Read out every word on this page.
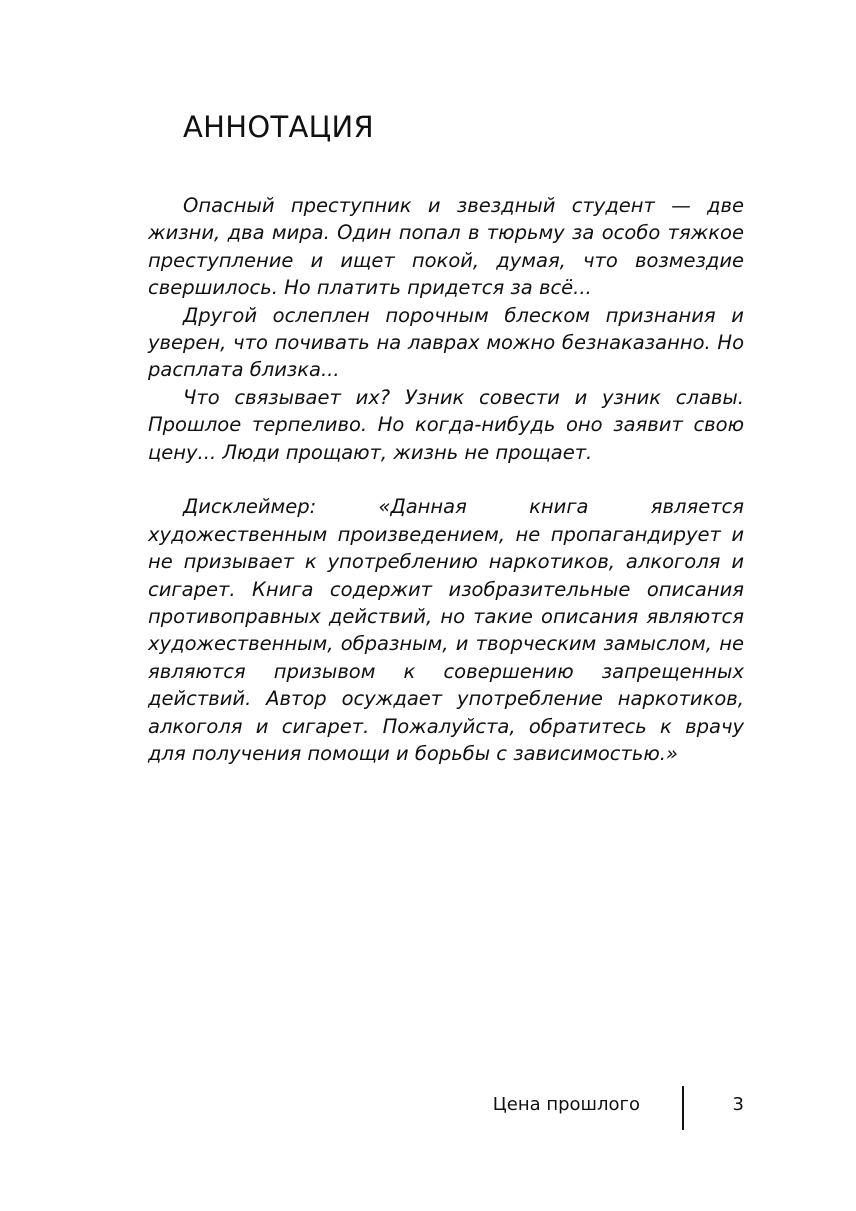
АННОТАЦИЯ

Опасный преступник и звездный студент — две жизни, два мира. Один попал в тюрьму за особо тяжкое преступление и ищет покой, думая, что возмездие свершилось. Но платить придется за всё...

Другой ослеплен порочным блеском признания и уверен, что почивать на лаврах можно безнаказанно. Но расплата близка...

Что связывает их? Узник совести и узник славы. Прошлое терпеливо. Но когда-нибудь оно заявит свою цену... Люди прощают, жизнь не прощает.

Дисклеймер: «Данная книга является художественным произведением, не пропагандирует и не призывает к употреблению наркотиков, алкоголя и сигарет. Книга содержит изобразительные описания противоправных действий, но такие описания являются художественным, образным, и творческим замыслом, не являются призывом к совершению запрещенных действий. Автор осуждает употребление наркотиков, алкоголя и сигарет. Пожалуйста, обратитесь к врачу для получения помощи и борьбы с зависимостью.»

Цена прошлого	3
